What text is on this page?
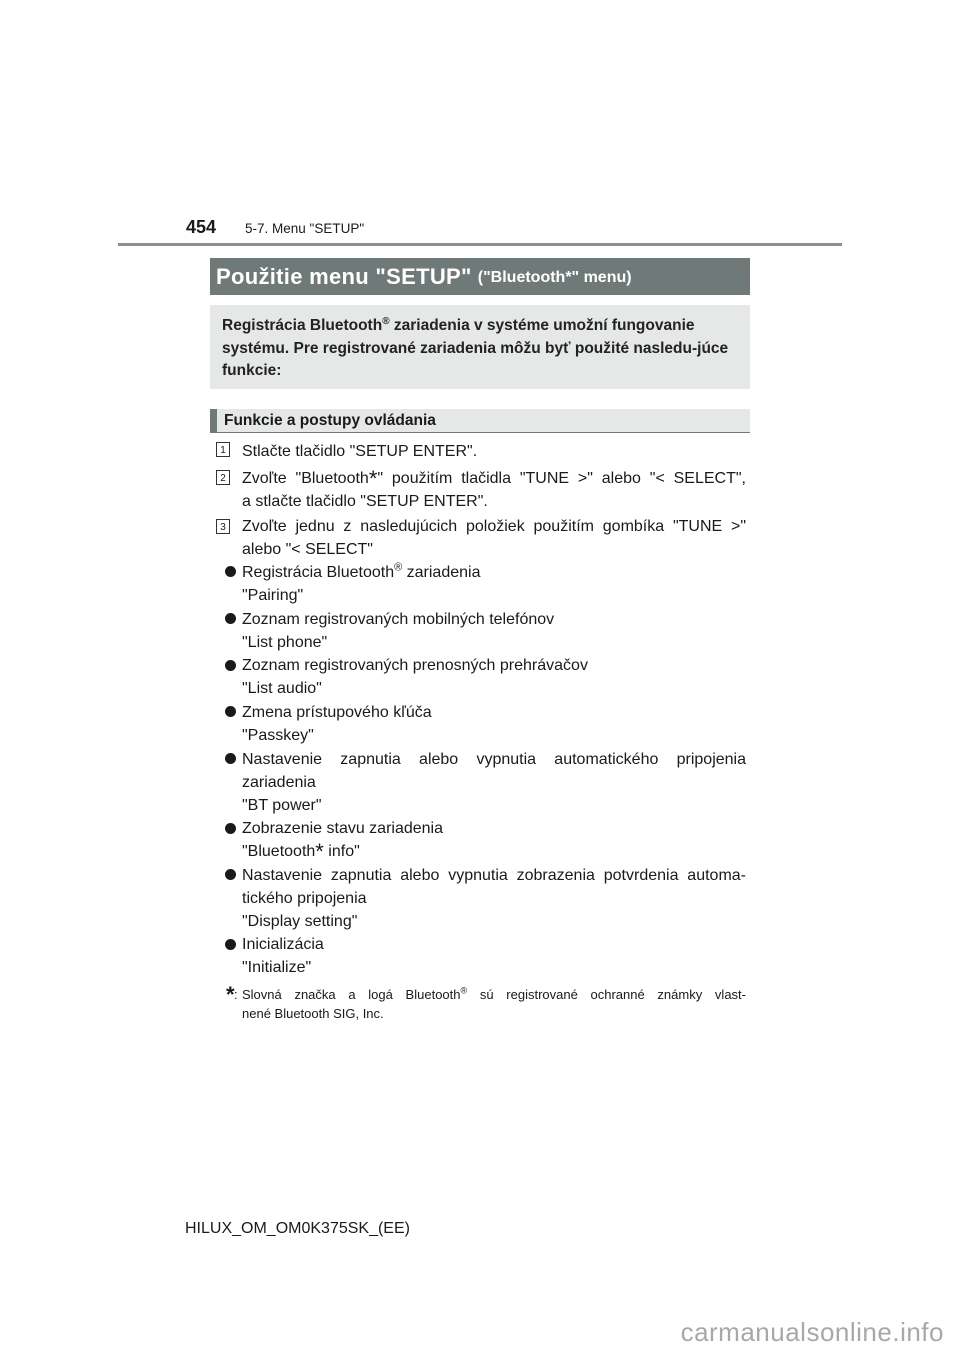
454 5-7. Menu "SETUP"
Použitie menu "SETUP" ("Bluetooth*" menu)
Registrácia Bluetooth® zariadenia v systéme umožní fungovanie systému. Pre registrované zariadenia môžu byť použité nasledu-júce funkcie:
Funkcie a postupy ovládania
1 Stlačte tlačidlo "SETUP ENTER".
2 Zvoľte "Bluetooth*" použitím tlačidla "TUNE >" alebo "< SELECT",
a stlačte tlačidlo "SETUP ENTER".
3 Zvoľte jednu z nasledujúcich položiek použitím gombíka "TUNE >"
alebo "< SELECT"
Registrácia Bluetooth® zariadenia
"Pairing"
Zoznam registrovaných mobilných telefónov
"List phone"
Zoznam registrovaných prenosných prehrávačov
"List audio"
Zmena prístupového kľúča
"Passkey"
Nastavenie zapnutia alebo vypnutia automatického pripojenia
zariadenia
"BT power"
Zobrazenie stavu zariadenia
"Bluetooth* info"
Nastavenie zapnutia alebo vypnutia zobrazenia potvrdenia automa-
tického pripojenia
"Display setting"
Inicializácia
"Initialize"
* : Slovná značka a logá Bluetooth® sú registrované ochranné známky vlast-
nené Bluetooth SIG, Inc.
HILUX_OM_OM0K375SK_(EE)
carmanualsonline.info
